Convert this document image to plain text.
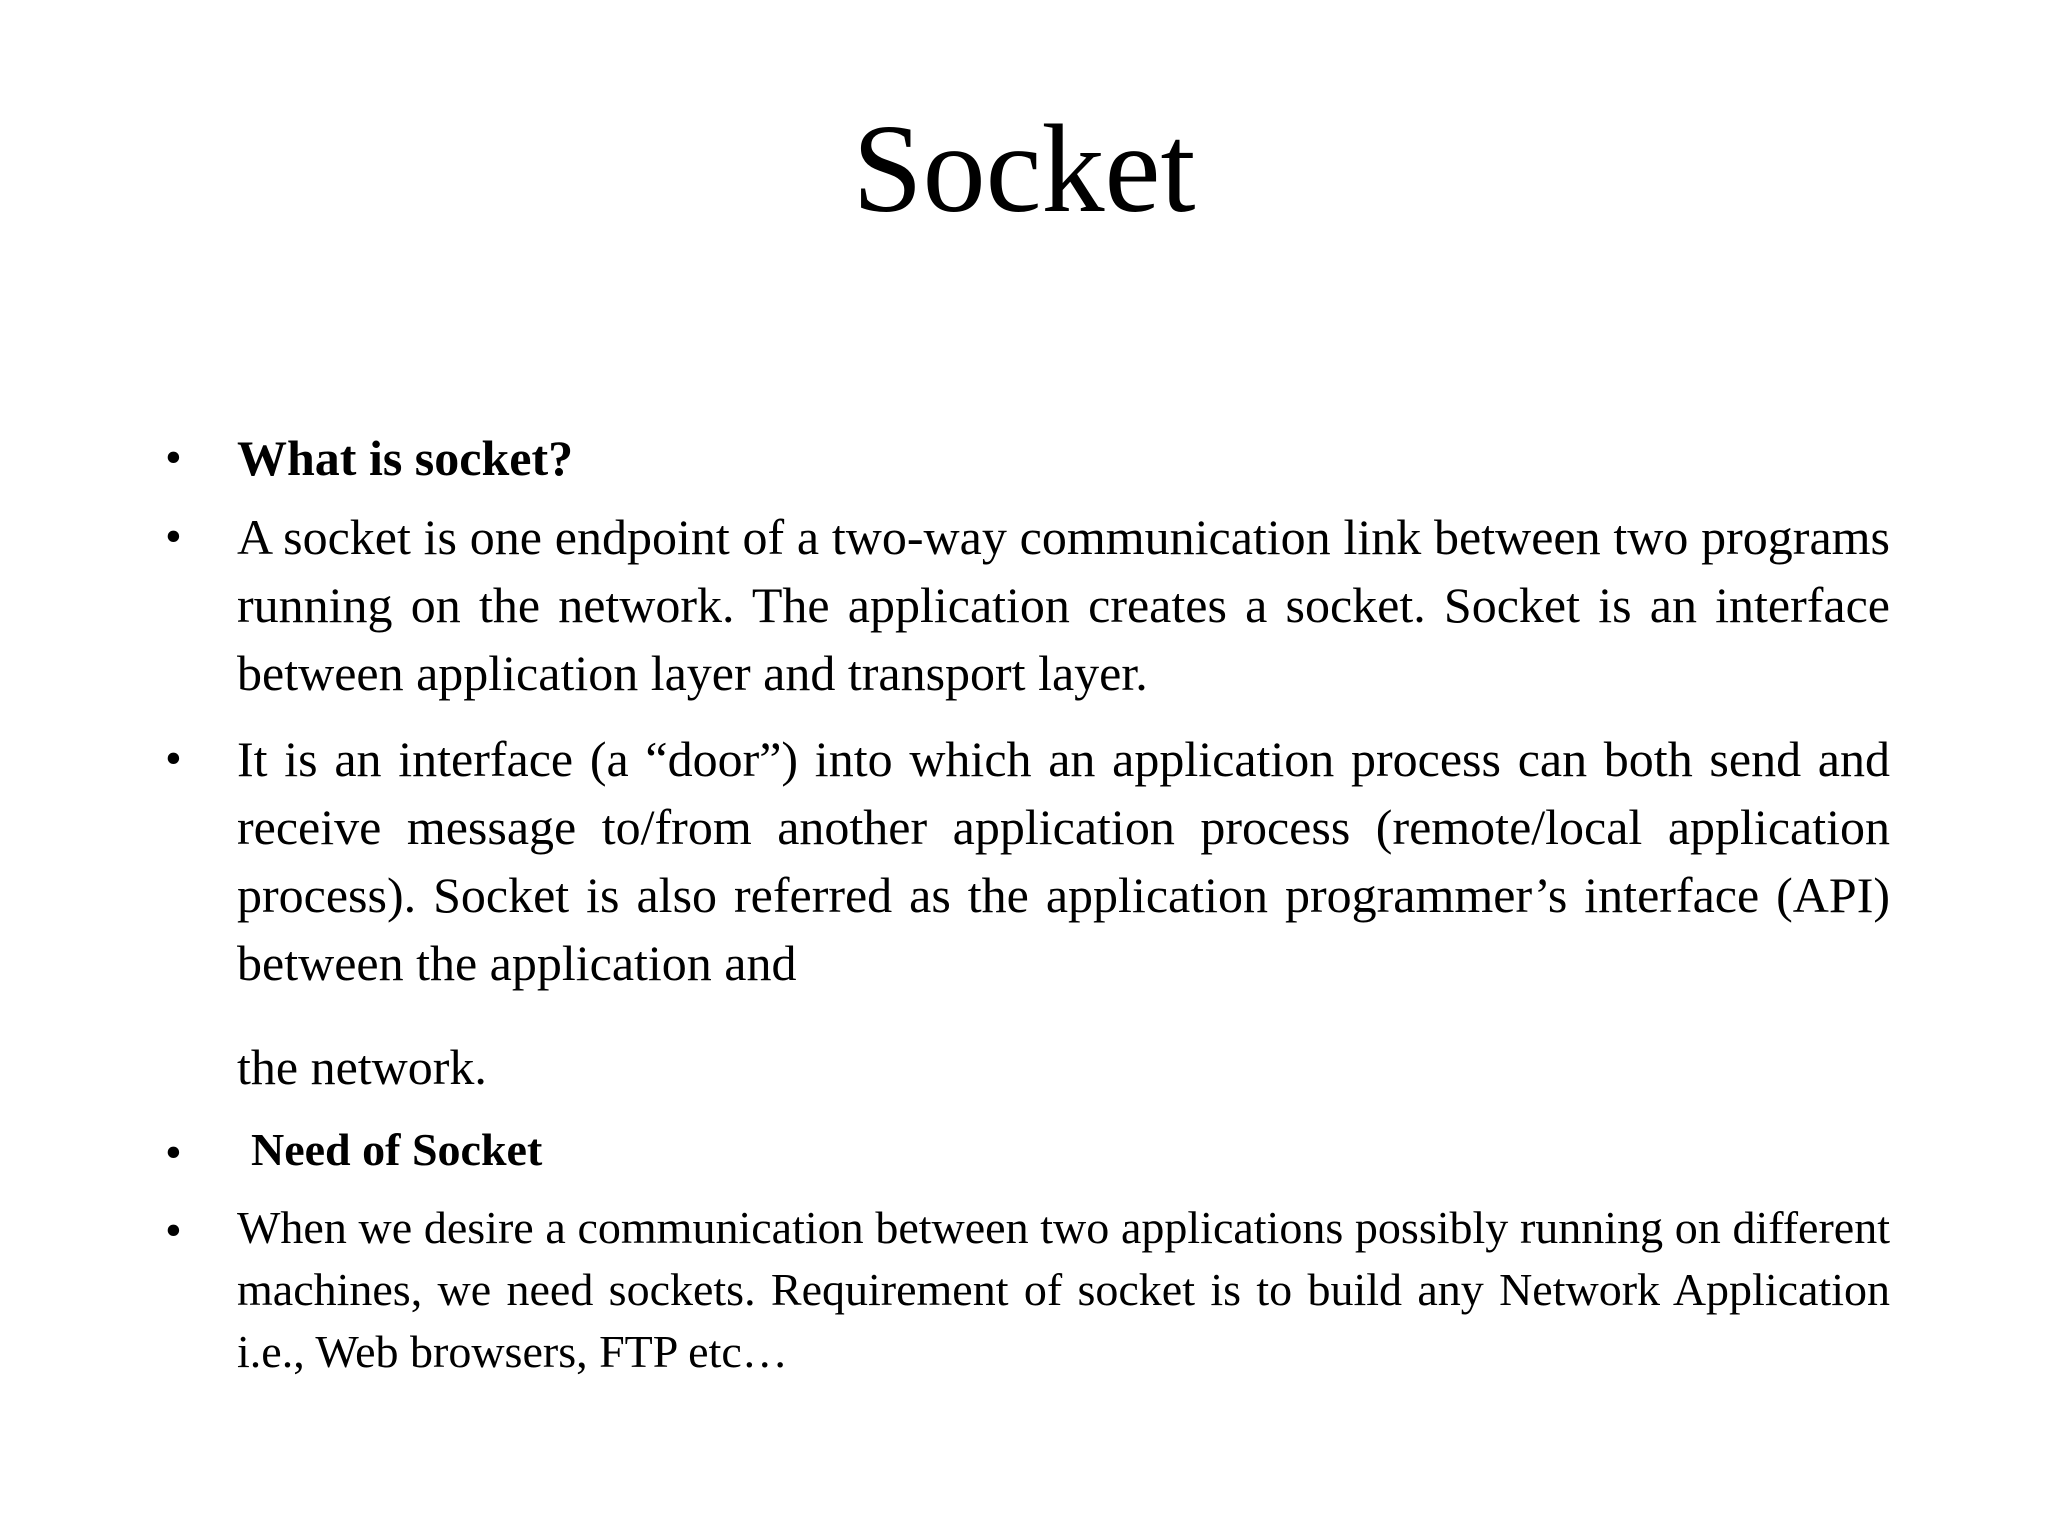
Socket
• What is socket?

• A socket is one endpoint of a two-way communication link between two programs running on the network. The application creates a socket. Socket is an interface between application layer and transport layer.

• It is an interface (a “door”) into which an application process can both send and receive message to/from another application process (remote/local application process). Socket is also referred as the application programmer’s interface (API) between the application and

the network.

• Need of Socket

• When we desire a communication between two applications possibly running on different machines, we need sockets. Requirement of socket is to build any Network Application i.e., Web browsers, FTP etc…
